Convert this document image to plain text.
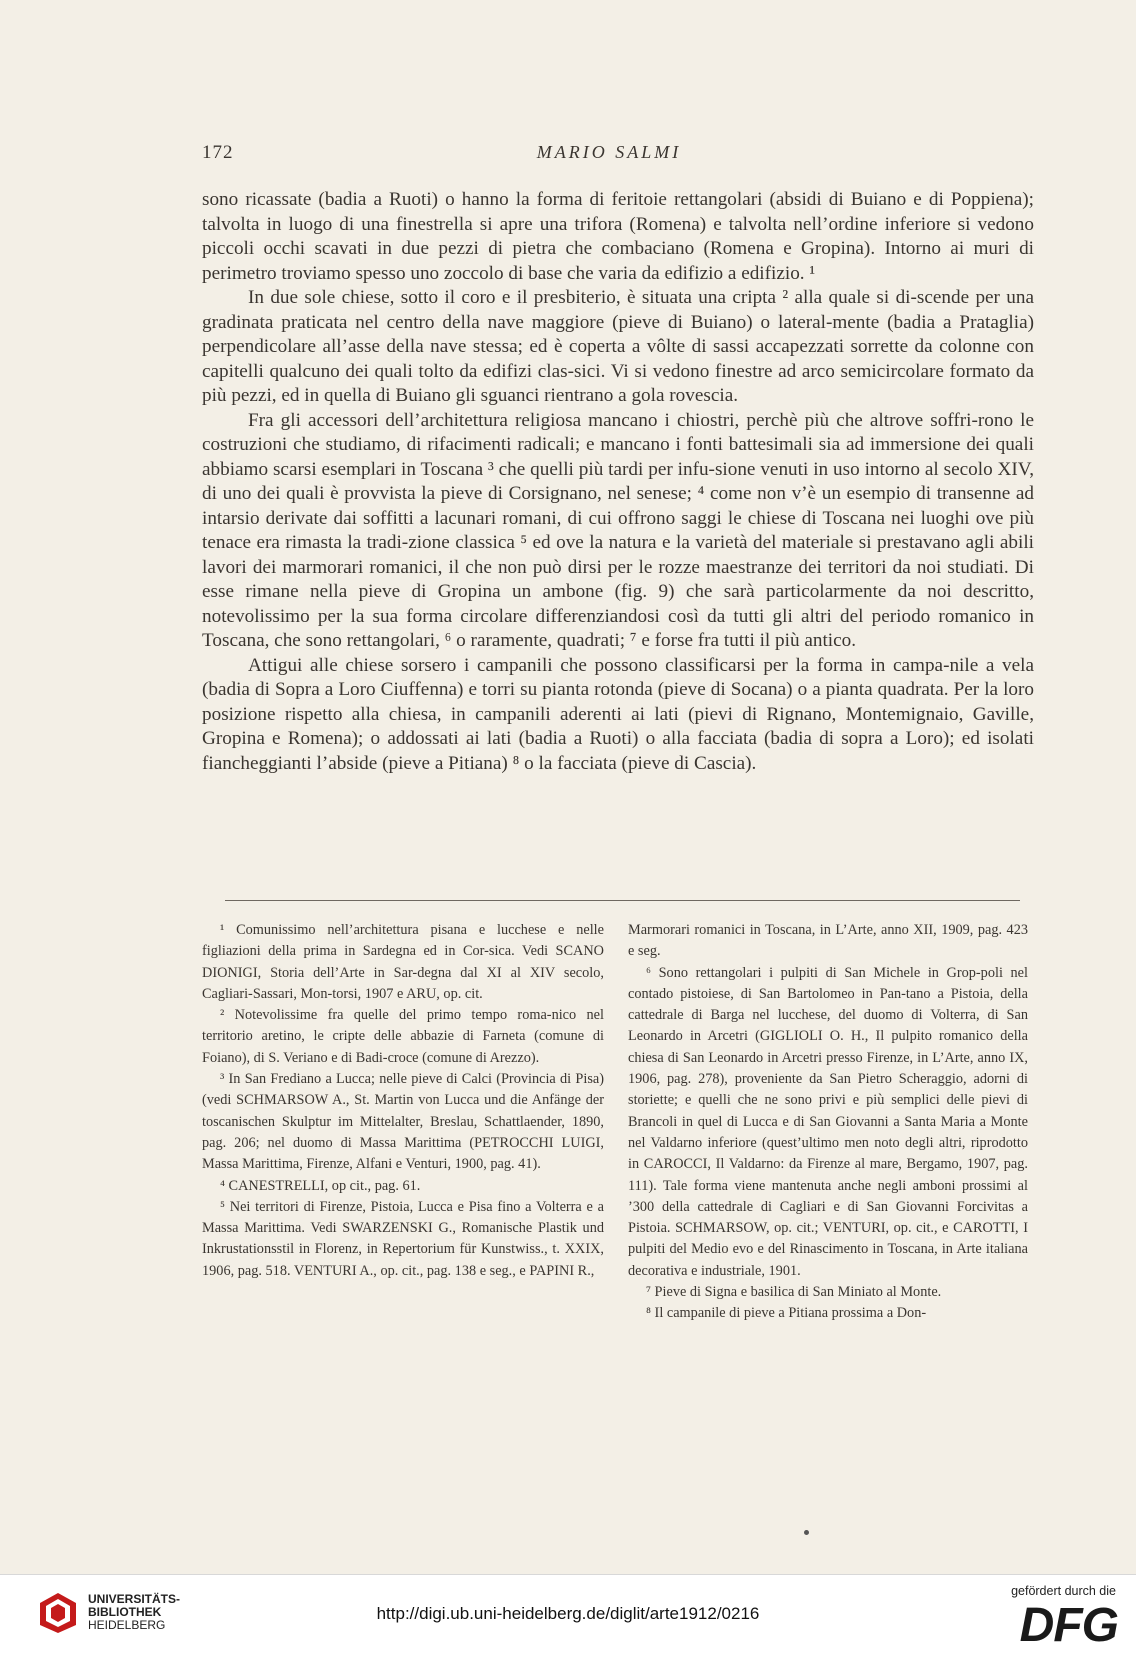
172	MARIO SALMI

sono ricassate (badia a Ruoti) o hanno la forma di feritoie rettangolari (absidi di Buiano e di Poppiena); talvolta in luogo di una finestrella si apre una trifora (Romena) e talvolta nell’ordine inferiore si vedono piccoli occhi scavati in due pezzi di pietra che combaciano (Romena e Gropina). Intorno ai muri di perimetro troviamo spesso uno zoccolo di base che varia da edifizio a edifizio. ¹

In due sole chiese, sotto il coro e il presbiterio, è situata una cripta ² alla quale si di-scende per una gradinata praticata nel centro della nave maggiore (pieve di Buiano) o lateral-mente (badia a Prataglia) perpendicolare all’asse della nave stessa; ed è coperta a vôlte di sassi accapezzati sorrette da colonne con capitelli qualcuno dei quali tolto da edifizi clas-sici. Vi si vedono finestre ad arco semicircolare formato da più pezzi, ed in quella di Buiano gli sguanci rientrano a gola rovescia.

Fra gli accessori dell’architettura religiosa mancano i chiostri, perchè più che altrove soffri-rono le costruzioni che studiamo, di rifacimenti radicali; e mancano i fonti battesimali sia ad immersione dei quali abbiamo scarsi esemplari in Toscana ³ che quelli più tardi per infu-sione venuti in uso intorno al secolo XIV, di uno dei quali è provvista la pieve di Corsignano, nel senese; ⁴ come non v’è un esempio di transenne ad intarsio derivate dai soffitti a lacunari romani, di cui offrono saggi le chiese di Toscana nei luoghi ove più tenace era rimasta la tradi-zione classica ⁵ ed ove la natura e la varietà del materiale si prestavano agli abili lavori dei marmorari romanici, il che non può dirsi per le rozze maestranze dei territori da noi studiati. Di esse rimane nella pieve di Gropina un ambone (fig. 9) che sarà particolarmente da noi descritto, notevolissimo per la sua forma circolare differenziandosi così da tutti gli altri del periodo romanico in Toscana, che sono rettangolari, ⁶ o raramente, quadrati; ⁷ e forse fra tutti il più antico.

Attigui alle chiese sorsero i campanili che possono classificarsi per la forma in campa-nile a vela (badia di Sopra a Loro Ciuffenna) e torri su pianta rotonda (pieve di Socana) o a pianta quadrata. Per la loro posizione rispetto alla chiesa, in campanili aderenti ai lati (pievi di Rignano, Montemignaio, Gaville, Gropina e Romena); o addossati ai lati (badia a Ruoti) o alla facciata (badia di sopra a Loro); ed isolati fiancheggianti l’abside (pieve a Pitiana) ⁸ o la facciata (pieve di Cascia).

¹ Comunissimo nell’architettura pisana e lucchese e nelle figliazioni della prima in Sardegna ed in Cor-sica. Vedi SCANO DIONIGI, Storia dell’Arte in Sar-degna dal XI al XIV secolo, Cagliari-Sassari, Mon-torsi, 1907 e ARU, op. cit.

² Notevolissime fra quelle del primo tempo roma-nico nel territorio aretino, le cripte delle abbazie di Farneta (comune di Foiano), di S. Veriano e di Badi-croce (comune di Arezzo).

³ In San Frediano a Lucca; nelle pieve di Calci (Provincia di Pisa) (vedi SCHMARSOW A., St. Martin von Lucca und die Anfänge der toscanischen Skulptur im Mittelalter, Breslau, Schattlaender, 1890, pag. 206; nel duomo di Massa Marittima (PETROCCHI LUIGI, Massa Marittima, Firenze, Alfani e Venturi, 1900, pag. 41).

⁴ CANESTRELLI, op cit., pag. 61.

⁵ Nei territori di Firenze, Pistoia, Lucca e Pisa fino a Volterra e a Massa Marittima. Vedi SWARZENSKI G., Romanische Plastik und Inkrustationsstil in Florenz, in Repertorium für Kunstwiss., t. XXIX, 1906, pag. 518. VENTURI A., op. cit., pag. 138 e seg., e PAPINI R.,

Marmorari romanici in Toscana, in L’Arte, anno XII, 1909, pag. 423 e seg.

⁶ Sono rettangolari i pulpiti di San Michele in Grop-poli nel contado pistoiese, di San Bartolomeo in Pan-tano a Pistoia, della cattedrale di Barga nel lucchese, del duomo di Volterra, di San Leonardo in Arcetri (GIGLIOLI O. H., Il pulpito romanico della chiesa di San Leonardo in Arcetri presso Firenze, in L’Arte, anno IX, 1906, pag. 278), proveniente da San Pietro Scheraggio, adorni di storiette; e quelli che ne sono privi e più semplici delle pievi di Brancoli in quel di Lucca e di San Giovanni a Santa Maria a Monte nel Valdarno inferiore (quest’ultimo men noto degli altri, riprodotto in CAROCCI, Il Valdarno: da Firenze al mare, Bergamo, 1907, pag. 111). Tale forma viene mantenuta anche negli amboni prossimi al ’300 della cattedrale di Cagliari e di San Giovanni Forcivitas a Pistoia. SCHMARSOW, op. cit.; VENTURI, op. cit., e CAROTTI, I pulpiti del Medio evo e del Rinascimento in Toscana, in Arte italiana decorativa e industriale, 1901.

⁷ Pieve di Signa e basilica di San Miniato al Monte.

⁸ Il campanile di pieve a Pitiana prossima a Don-

UNIVERSITÄTS-
BIBLIOTHEK
HEIDELBERG
http://digi.ub.uni-heidelberg.de/diglit/arte1912/0216
gefördert durch die
DFG
